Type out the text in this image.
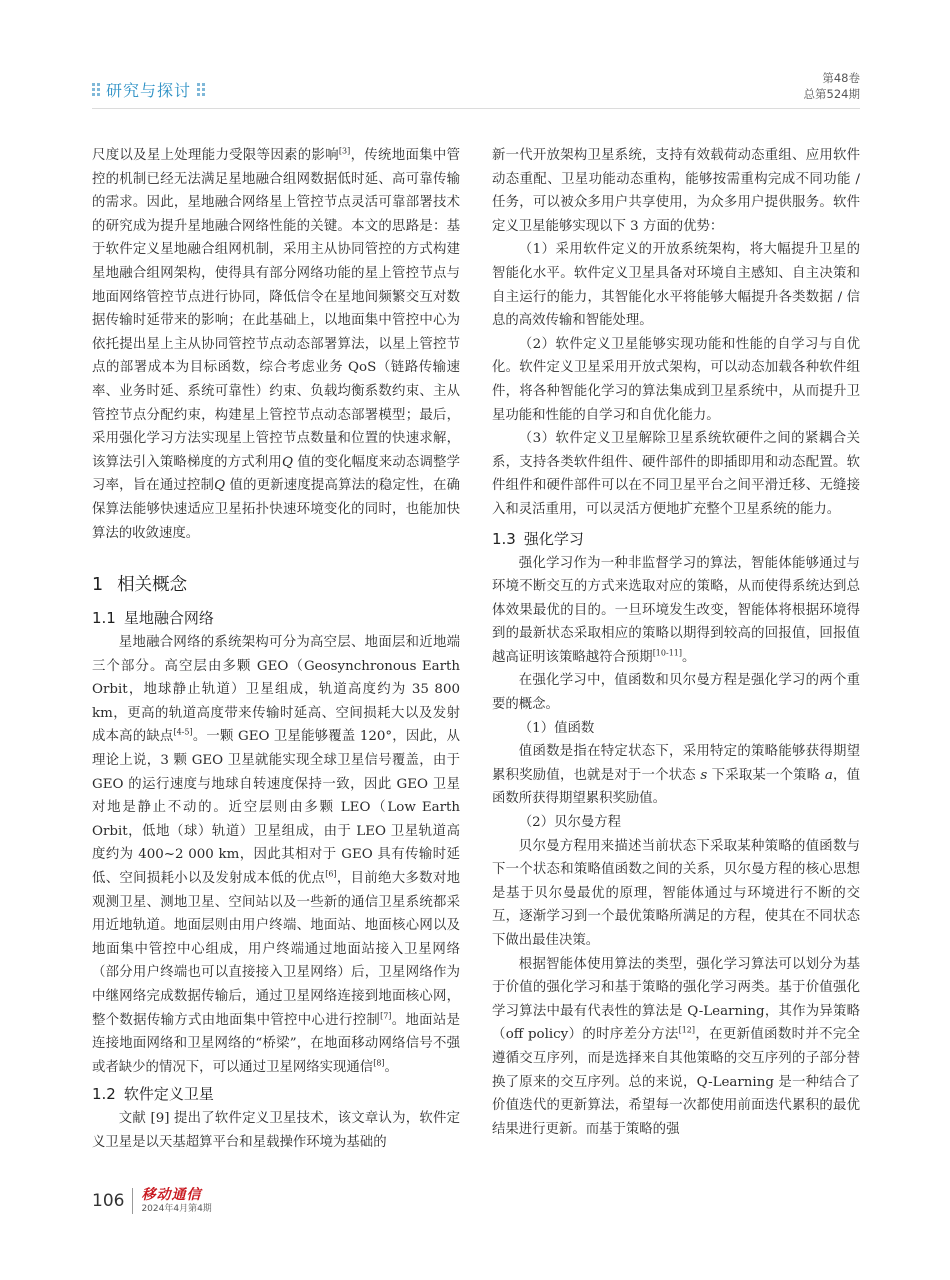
研究与探讨
第48卷
总第524期

尺度以及星上处理能力受限等因素的影响[3]，传统地面集中管控的机制已经无法满足星地融合组网数据低时延、高可靠传输的需求。因此，星地融合网络星上管控节点灵活可靠部署技术的研究成为提升星地融合网络性能的关键。本文的思路是：基于软件定义星地融合组网机制，采用主从协同管控的方式构建星地融合组网架构，使得具有部分网络功能的星上管控节点与地面网络管控节点进行协同，降低信令在星地间频繁交互对数据传输时延带来的影响；在此基础上，以地面集中管控中心为依托提出星上主从协同管控节点动态部署算法，以星上管控节点的部署成本为目标函数，综合考虑业务 QoS（链路传输速率、业务时延、系统可靠性）约束、负载均衡系数约束、主从管控节点分配约束，构建星上管控节点动态部署模型；最后，采用强化学习方法实现星上管控节点数量和位置的快速求解，该算法引入策略梯度的方式利用Q 值的变化幅度来动态调整学习率，旨在通过控制Q 值的更新速度提高算法的稳定性，在确保算法能够快速适应卫星拓扑快速环境变化的同时，也能加快算法的收敛速度。

1 相关概念
1.1 星地融合网络

星地融合网络的系统架构可分为高空层、地面层和近地端三个部分。高空层由多颗 GEO（Geosynchronous Earth Orbit，地球静止轨道）卫星组成，轨道高度约为 35 800 km，更高的轨道高度带来传输时延高、空间损耗大以及发射成本高的缺点[4-5]。一颗 GEO 卫星能够覆盖 120°，因此，从理论上说，3 颗 GEO 卫星就能实现全球卫星信号覆盖，由于 GEO 的运行速度与地球自转速度保持一致，因此 GEO 卫星对地是静止不动的。近空层则由多颗 LEO（Low Earth Orbit，低地（球）轨道）卫星组成，由于 LEO 卫星轨道高度约为 400~2 000 km，因此其相对于 GEO 具有传输时延低、空间损耗小以及发射成本低的优点[6]，目前绝大多数对地观测卫星、测地卫星、空间站以及一些新的通信卫星系统都采用近地轨道。地面层则由用户终端、地面站、地面核心网以及地面集中管控中心组成，用户终端通过地面站接入卫星网络（部分用户终端也可以直接接入卫星网络）后，卫星网络作为中继网络完成数据传输后，通过卫星网络连接到地面核心网，整个数据传输方式由地面集中管控中心进行控制[7]。地面站是连接地面网络和卫星网络的“桥梁”，在地面移动网络信号不强或者缺少的情况下，可以通过卫星网络实现通信[8]。

1.2 软件定义卫星

文献 [9] 提出了软件定义卫星技术，该文章认为，软件定义卫星是以天基超算平台和星载操作环境为基础的

新一代开放架构卫星系统，支持有效载荷动态重组、应用软件动态重配、卫星功能动态重构，能够按需重构完成不同功能 / 任务，可以被众多用户共享使用，为众多用户提供服务。软件定义卫星能够实现以下 3 方面的优势：

（1）采用软件定义的开放系统架构，将大幅提升卫星的智能化水平。软件定义卫星具备对环境自主感知、自主决策和自主运行的能力，其智能化水平将能够大幅提升各类数据 / 信息的高效传输和智能处理。

（2）软件定义卫星能够实现功能和性能的自学习与自优化。软件定义卫星采用开放式架构，可以动态加载各种软件组件，将各种智能化学习的算法集成到卫星系统中，从而提升卫星功能和性能的自学习和自优化能力。

（3）软件定义卫星解除卫星系统软硬件之间的紧耦合关系，支持各类软件组件、硬件部件的即插即用和动态配置。软件组件和硬件部件可以在不同卫星平台之间平滑迁移、无缝接入和灵活重用，可以灵活方便地扩充整个卫星系统的能力。

1.3 强化学习

强化学习作为一种非监督学习的算法，智能体能够通过与环境不断交互的方式来选取对应的策略，从而使得系统达到总体效果最优的目的。一旦环境发生改变，智能体将根据环境得到的最新状态采取相应的策略以期得到较高的回报值，回报值越高证明该策略越符合预期[10-11]。

在强化学习中，值函数和贝尔曼方程是强化学习的两个重要的概念。

（1）值函数

值函数是指在特定状态下，采用特定的策略能够获得期望累积奖励值，也就是对于一个状态 s 下采取某一个策略 a，值函数所获得期望累积奖励值。

（2）贝尔曼方程

贝尔曼方程用来描述当前状态下采取某种策略的值函数与下一个状态和策略值函数之间的关系，贝尔曼方程的核心思想是基于贝尔曼最优的原理，智能体通过与环境进行不断的交互，逐渐学习到一个最优策略所满足的方程，使其在不同状态下做出最佳决策。

根据智能体使用算法的类型，强化学习算法可以划分为基于价值的强化学习和基于策略的强化学习两类。基于价值强化学习算法中最有代表性的算法是 Q-Learning，其作为异策略（off policy）的时序差分方法[12]，在更新值函数时并不完全遵循交互序列，而是选择来自其他策略的交互序列的子部分替换了原来的交互序列。总的来说，Q-Learning 是一种结合了价值迭代的更新算法，希望每一次都使用前面迭代累积的最优结果进行更新。而基于策略的强

106 移动通信
2024年4月第4期
